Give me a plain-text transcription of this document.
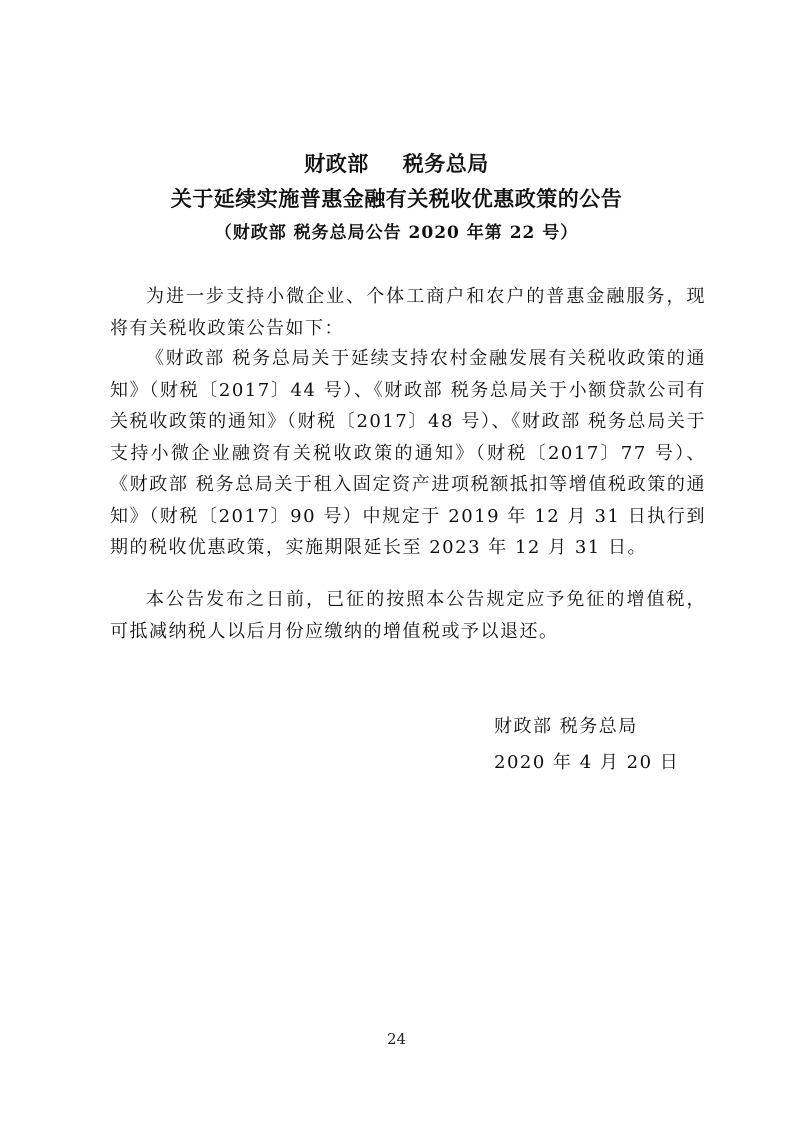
财政部 税务总局
关于延续实施普惠金融有关税收优惠政策的公告
（财政部 税务总局公告 2020 年第 22 号）
为进一步支持小微企业、个体工商户和农户的普惠金融服务，现将有关税收政策公告如下：
《财政部 税务总局关于延续支持农村金融发展有关税收政策的通知》（财税〔2017〕44 号）、《财政部 税务总局关于小额贷款公司有关税收政策的通知》（财税〔2017〕48 号）、《财政部 税务总局关于支持小微企业融资有关税收政策的通知》（财税〔2017〕77 号）、《财政部 税务总局关于租入固定资产进项税额抵扣等增值税政策的通知》（财税〔2017〕90 号）中规定于 2019 年 12 月 31 日执行到期的税收优惠政策，实施期限延长至 2023 年 12 月 31 日。
本公告发布之日前，已征的按照本公告规定应予免征的增值税，可抵减纳税人以后月份应缴纳的增值税或予以退还。
财政部 税务总局
2020 年 4 月 20 日
24
